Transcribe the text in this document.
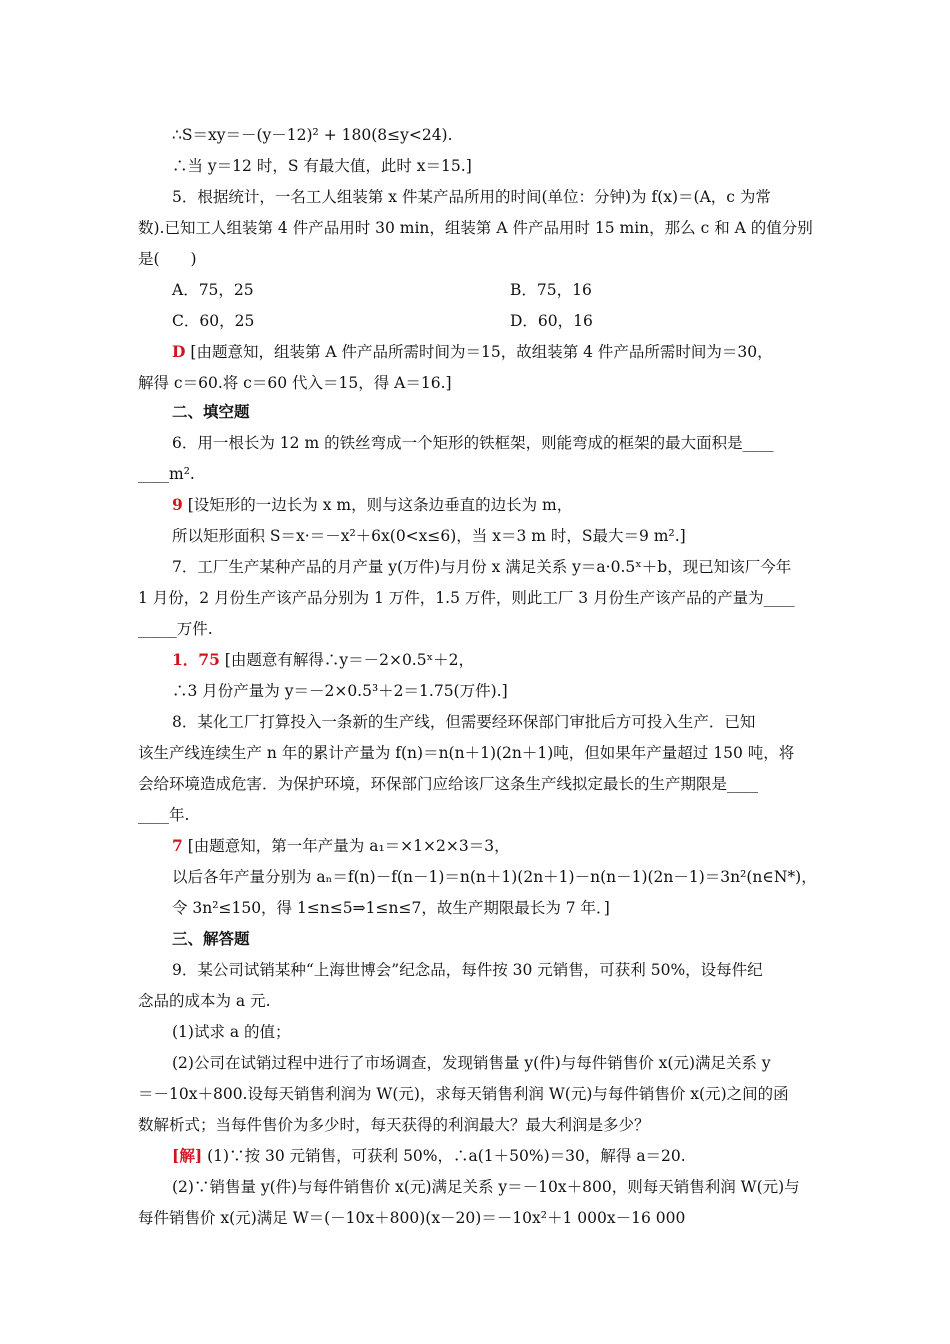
∴S＝xy＝－(y－12)² + 180(8≤y<24).
∴当 y＝12 时，S 有最大值，此时 x＝15.]
5．根据统计，一名工人组装第 x 件某产品所用的时间(单位：分钟)为 f(x)＝(A，c 为常
数).已知工人组装第 4 件产品用时 30 min，组装第 A 件产品用时 15 min，那么 c 和 A 的值分别
是(　　)
二、填空题
6．用一根长为 12 m 的铁丝弯成一个矩形的铁框架，则能弯成的框架的最大面积是____
____m².
所以矩形面积 S＝x·＝－x²＋6x(0<x≤6)，当 x＝3 m 时，S最大＝9 m².]
7．工厂生产某种产品的月产量 y(万件)与月份 x 满足关系 y＝a·0.5ˣ＋b，现已知该厂今年
1 月份，2 月份生产该产品分别为 1 万件，1.5 万件，则此工厂 3 月份生产该产品的产量为____
_____万件.
∴3 月份产量为 y＝－2×0.5³＋2＝1.75(万件).]
8．某化工厂打算投入一条新的生产线，但需要经环保部门审批后方可投入生产．已知
该生产线连续生产 n 年的累计产量为 f(n)＝n(n＋1)(2n＋1)吨，但如果年产量超过 150 吨，将
会给环境造成危害．为保护环境，环保部门应给该厂这条生产线拟定最长的生产期限是____
____年.
以后各年产量分别为 aₙ＝f(n)－f(n－1)＝n(n＋1)(2n＋1)－n(n－1)(2n－1)＝3n²(n∈N*)，
令 3n²≤150，得 1≤n≤5⇒1≤n≤7，故生产期限最长为 7 年．]
三、解答题
9．某公司试销某种“上海世博会”纪念品，每件按 30 元销售，可获利 50%，设每件纪
念品的成本为 a 元.
(1)试求 a 的值；
(2)公司在试销过程中进行了市场调查，发现销售量 y(件)与每件销售价 x(元)满足关系 y
＝－10x＋800.设每天销售利润为 W(元)，求每天销售利润 W(元)与每件销售价 x(元)之间的函
数解析式；当每件售价为多少时，每天获得的利润最大？最大利润是多少？
(2)∵销售量 y(件)与每件销售价 x(元)满足关系 y＝－10x＋800，则每天销售利润 W(元)与
每件销售价 x(元)满足 W＝(－10x＋800)(x－20)＝－10x²＋1 000x－16 000
A．75，25	B．75，16
C．60，25	D．60，16
D [由题意知，组装第 A 件产品所需时间为＝15，故组装第 4 件产品所需时间为＝30，
解得 c＝60.将 c＝60 代入＝15，得 A＝16.]
9 [设矩形的一边长为 x m，则与这条边垂直的边长为 m，
1．75 [由题意有解得∴y＝－2×0.5ˣ＋2，
7 [由题意知，第一年产量为 a₁＝×1×2×3＝3，
[解] (1)∵按 30 元销售，可获利 50%，∴a(1＋50%)＝30，解得 a＝20.
